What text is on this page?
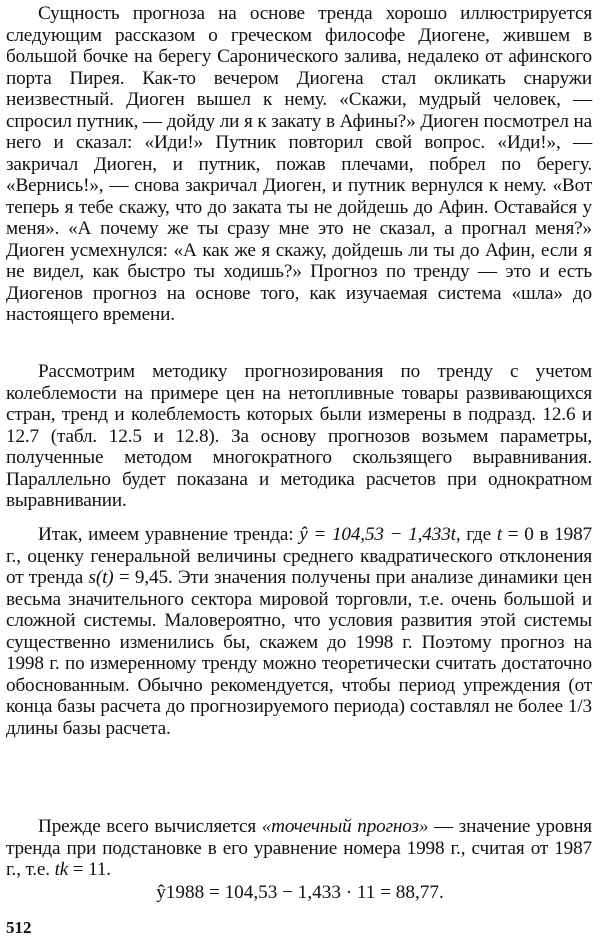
Сущность прогноза на основе тренда хорошо иллюстрируется следующим рассказом о греческом философе Диогене, жившем в большой бочке на берегу Саронического залива, недалеко от афинского порта Пирея. Как-то вечером Диогена стал окликать снаружи неизвестный. Диоген вышел к нему. «Скажи, мудрый человек, — спросил путник, — дойду ли я к закату в Афины?» Диоген посмотрел на него и сказал: «Иди!» Путник повторил свой вопрос. «Иди!», — закричал Диоген, и путник, пожав плечами, побрел по берегу. «Вернись!», — снова закричал Диоген, и путник вернулся к нему. «Вот теперь я тебе скажу, что до заката ты не дойдешь до Афин. Оставайся у меня». «А почему же ты сразу мне это не сказал, а прогнал меня?» Диоген усмехнулся: «А как же я скажу, дойдешь ли ты до Афин, если я не видел, как быстро ты ходишь?» Прогноз по тренду — это и есть Диогенов прогноз на основе того, как изучаемая система «шла» до настоящего времени.

Рассмотрим методику прогнозирования по тренду с учетом колеблемости на примере цен на нетопливные товары развивающихся стран, тренд и колеблемость которых были измерены в подразд. 12.6 и 12.7 (табл. 12.5 и 12.8). За основу прогнозов возьмем параметры, полученные методом многократного скользящего выравнивания. Параллельно будет показана и методика расчетов при однократном выравнивании.

Итак, имеем уравнение тренда: ŷ = 104,53 − 1,433t, где t = 0 в 1987 г., оценку генеральной величины среднего квадратического отклонения от тренда s(t) = 9,45. Эти значения получены при анализе динамики цен весьма значительного сектора мировой торговли, т.е. очень большой и сложной системы. Маловероятно, что условия развития этой системы существенно изменились бы, скажем до 1998 г. Поэтому прогноз на 1998 г. по измеренному тренду можно теоретически считать достаточно обоснованным. Обычно рекомендуется, чтобы период упреждения (от конца базы расчета до прогнозируемого периода) составлял не более 1/3 длины базы расчета.

Прежде всего вычисляется «точечный прогноз» — значение уровня тренда при подстановке в его уравнение номера 1998 г., считая от 1987 г., т.е. tk = 11.

ŷ1988 = 104,53 − 1,433 · 11 = 88,77.
512
